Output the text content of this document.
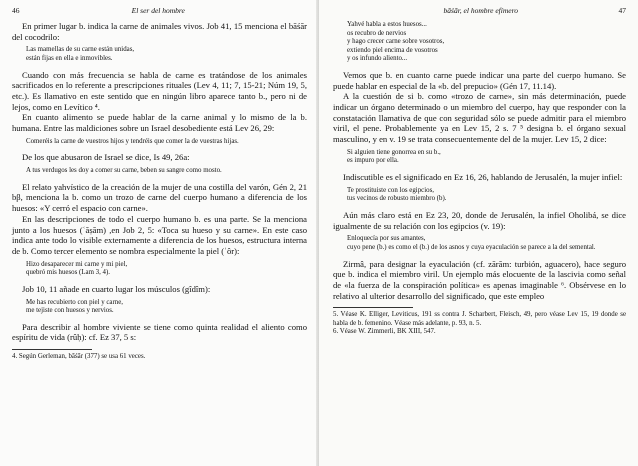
46	El ser del hombre

En primer lugar b. indica la carne de animales vivos. Job 41, 15 menciona el bāśār del cocodrilo:

Las mamellas de su carne están unidas,
están fijas en ella e inmovibles.

Cuando con más frecuencia se habla de carne es tratándose de los animales sacrificados en lo referente a prescripciones rituales (Lev 4, 11; 7, 15-21; Núm 19, 5, etc.). Es llamativo en este sentido que en ningún libro aparece tanto b., pero ni de lejos, como en Levítico ⁴.

En cuanto alimento se puede hablar de la carne animal y lo mismo de la b. humana. Entre las maldiciones sobre un Israel desobediente está Lev 26, 29:

Comeréis la carne de vuestros hijos y tendréis que comer la de vuestras hijas.

De los que abusaron de Israel se dice, Is 49, 26a:

A tus verdugos les doy a comer su carne, beben su sangre como mosto.

El relato yahvístico de la creación de la mujer de una costilla del varón, Gén 2, 21 bβ, menciona la b. como un trozo de carne del cuerpo humano a diferencia de los huesos: «Y cerró el espacio con carne».

En las descripciones de todo el cuerpo humano b. es una parte. Se la menciona junto a los huesos (ʿăṣām) ,en Job 2, 5: «Toca su hueso y su carne». En este caso indica ante todo lo visible externamente a diferencia de los huesos, estructura interna de b. Como tercer elemento se nombra especialmente la piel (ʿôr):

Hizo desaparecer mi carne y mi piel,
quebró mis huesos (Lam 3, 4).

Job 10, 11 añade en cuarto lugar los músculos (gîdîm):

Me has recubierto con piel y carne,
me tejiste con huesos y nervios.

Para describir al hombre viviente se tiene como quinta realidad el aliento como espíritu de vida (rûḥ): cf. Ez 37, 5 s:

4. Según Gerleman, bāśār (377) se usa 61 veces.
bāśār, el hombre efímero	47
Yahvé habla a estos huesos...
os recubro de nervios
y hago crecer carne sobre vosotros,
extiendo piel encima de vosotros
y os infundo aliento...

Vemos que b. en cuanto carne puede indicar una parte del cuerpo humano. Se puede hablar en especial de la «b. del prepucio» (Gén 17, 11.14).

A la cuestión de si b. como «trozo de carne», sin más determinación, puede indicar un órgano determinado o un miembro del cuerpo, hay que responder con la constatación llamativa de que con seguridad sólo se puede admitir para el miembro viril, el pene. Probablemente ya en Lev 15, 2 s. 7 ⁵ designa b. el órgano sexual masculino, y en v. 19 se trata consecuentemente del de la mujer. Lev 15, 2 dice:

Si alguien tiene gonorrea en su b.,
es impuro por ella.

Indiscutible es el significado en Ez 16, 26, hablando de Jerusalén, la mujer infiel:

Te prostituiste con los egipcios,
tus vecinos de robusto miembro (b).

Aún más claro está en Ez 23, 20, donde de Jerusalén, la infiel Oholibá, se dice igualmente de su relación con los egipcios (v. 19):

Enloquecía por sus amantes,
cuyo pene (b.) es como el (b.) de los asnos y cuya eyaculación se parece a la del semental.

Zirmâ, para designar la eyaculación (cf. zārām: turbión, aguacero), hace seguro que b. indica el miembro viril. Un ejemplo más elocuente de la lascivia como señal de «la fuerza de la conspiración política» es apenas imaginable ⁶. Obsérvese en lo relativo al ulterior desarrollo del significado, que este empleo

5. Véase K. Elliger, Leviticus, 191 ss contra J. Scharbert, Fleisch, 49, pero véase Lev 15, 19 donde se habla de b. femenino. Véase más adelante, p. 93, n. 5.
6. Véase W. Zimmerli, BK XIII, 547.
